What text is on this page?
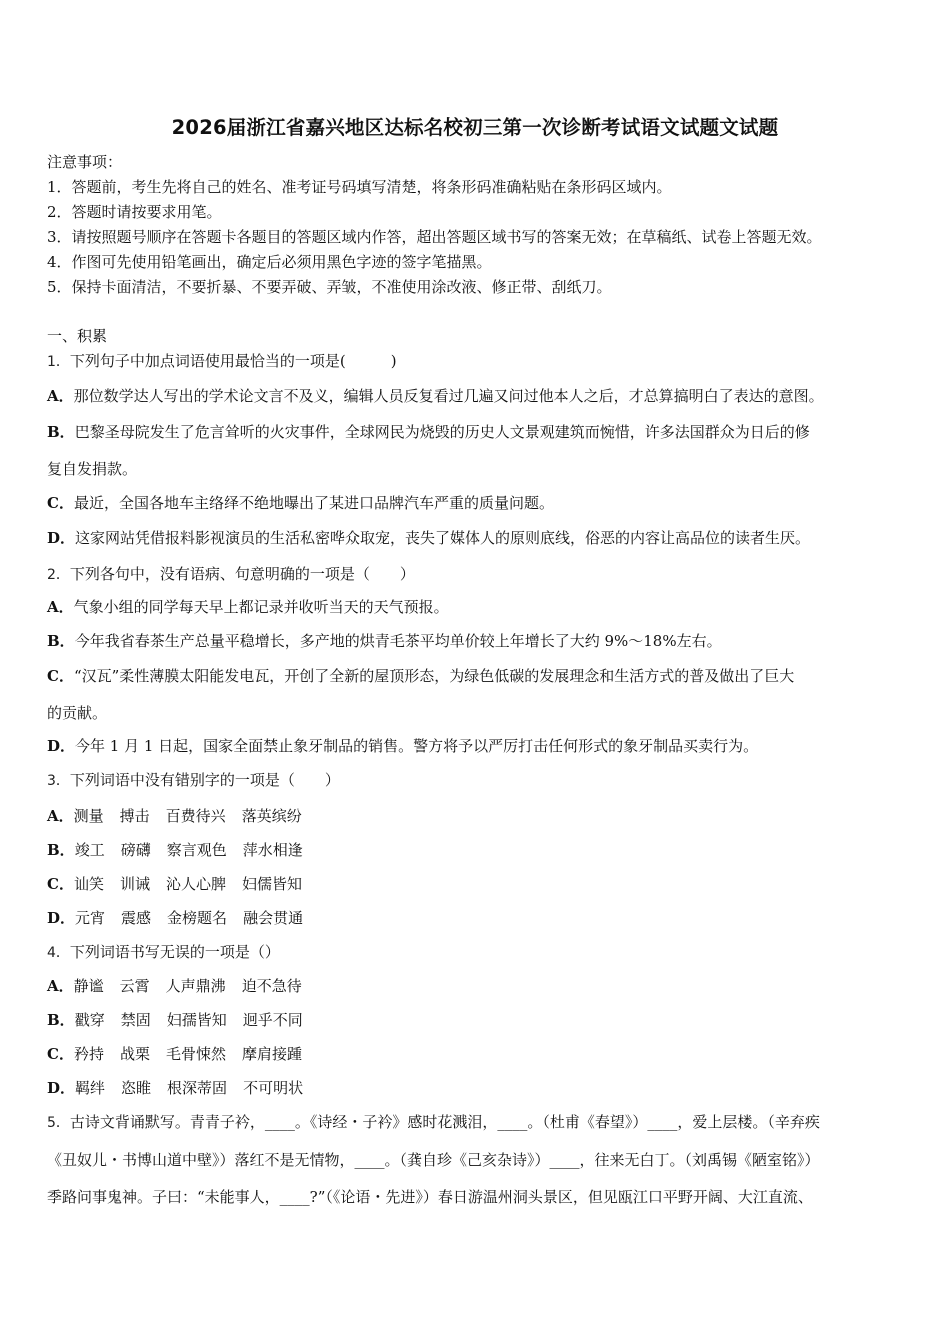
2026届浙江省嘉兴地区达标名校初三第一次诊断考试语文试题文试题
注意事项：
1．答题前，考生先将自己的姓名、准考证号码填写清楚，将条形码准确粘贴在条形码区域内。
2．答题时请按要求用笔。
3．请按照题号顺序在答题卡各题目的答题区域内作答，超出答题区域书写的答案无效；在草稿纸、试卷上答题无效。
4．作图可先使用铅笔画出，确定后必须用黑色字迹的签字笔描黑。
5．保持卡面清洁，不要折暴、不要弄破、弄皱，不准使用涂改液、修正带、刮纸刀。
一、积累
1．下列句子中加点词语使用最恰当的一项是(　　　)
A．那位数学达人写出的学术论文言不及义，编辑人员反复看过几遍又问过他本人之后，才总算搞明白了表达的意图。
B．巴黎圣母院发生了危言耸听的火灾事件，全球网民为烧毁的历史人文景观建筑而惋惜，许多法国群众为日后的修
复自发捐款。
C．最近，全国各地车主络绎不绝地曝出了某进口品牌汽车严重的质量问题。
D．这家网站凭借报料影视演员的生活私密哗众取宠，丧失了媒体人的原则底线，俗恶的内容让高品位的读者生厌。
2．下列各句中，没有语病、句意明确的一项是（　　）
A．气象小组的同学每天早上都记录并收听当天的天气预报。
B．今年我省春茶生产总量平稳增长，多产地的烘青毛茶平均单价较上年增长了大约 9%～18%左右。
C．“汉瓦”柔性薄膜太阳能发电瓦，开创了全新的屋顶形态，为绿色低碳的发展理念和生活方式的普及做出了巨大
的贡献。
D．今年 1 月 1 日起，国家全面禁止象牙制品的销售。警方将予以严厉打击任何形式的象牙制品买卖行为。
3．下列词语中没有错别字的一项是（　　）
A．测量 搏击 百费待兴 落英缤纷
B．竣工 磅礴 察言观色 萍水相逢
C．讪笑 训诫 沁人心脾 妇儒皆知
D．元宵 震感 金榜题名 融会贯通
4．下列词语书写无误的一项是（）
A．静谧 云霄 人声鼎沸 迫不急待
B．戳穿 禁固 妇孺皆知 迥乎不同
C．矜持 战栗 毛骨悚然 摩肩接踵
D．羁绊 恣睢 根深蒂固 不可明状
5．古诗文背诵默写。青青子衿，____。《诗经・子衿》感时花溅泪，____。（杜甫《春望》）____，爱上层楼。（辛弃疾
《丑奴儿・书博山道中壁》）落红不是无情物，____。（龚自珍《己亥杂诗》）____，往来无白丁。（刘禹锡《陋室铭》）
季路问事鬼神。子曰：“未能事人，____?”（《论语・先进》）春日游温州洞头景区，但见瓯江口平野开阔、大江直流、
